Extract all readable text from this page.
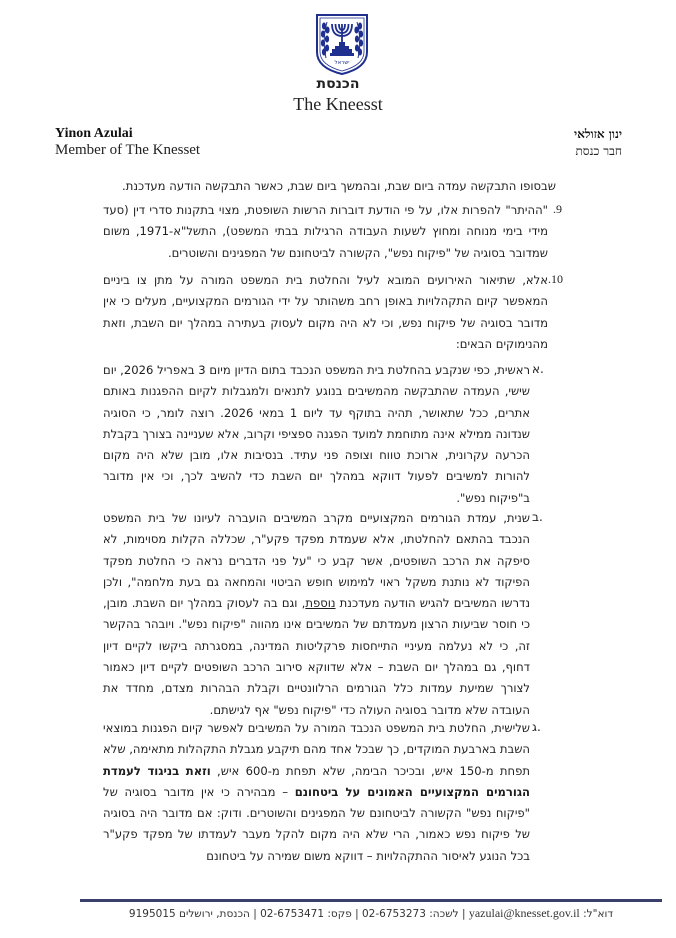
ישראל
הכנסת
The Kneesst
Yinon Azulai
Member of The Knesset
ינון אזולאי
חבר כנסת
שבסופו התבקשה עמדה ביום שבת, ובהמשך ביום שבת, כאשר התבקשה הודעה מעדכנת.
.9
"ההיתר" להפרות אלו, על פי הודעת דוברות הרשות השופטת, מצוי בתקנות סדרי דין (סעד מידי בימי מנוחה ומחוץ לשעות העבודה הרגילות בבתי המשפט), התשל"א-1971, משום שמדובר בסוגיה של "פיקוח נפש", הקשורה לביטחונם של המפגינים והשוטרים.
.10
אלא, שתיאור האירועים המובא לעיל והחלטת בית המשפט המורה על מתן צו ביניים המאפשר קיום התקהלויות באופן רחב משהותר על ידי הגורמים המקצועיים, מעלים כי אין מדובר בסוגיה של פיקוח נפש, וכי לא היה מקום לעסוק בעתירה במהלך יום השבת, וזאת מהנימוקים הבאים:
א.
ראשית, כפי שנקבע בהחלטת בית המשפט הנכבד בתום הדיון מיום 3 באפריל 2026, יום שישי, העמדה שהתבקשה מהמשיבים בנוגע לתנאים ולמגבלות לקיום ההפגנות באותם אתרים, ככל שתאושר, תהיה בתוקף עד ליום 1 במאי 2026. רוצה לומר, כי הסוגיה שנדונה ממילא אינה מתוחמת למועד הפגנה ספציפי וקרוב, אלא שעניינה בצורך בקבלת הכרעה עקרונית, ארוכת טווח וצופה פני עתיד. בנסיבות אלו, מובן שלא היה מקום להורות למשיבים לפעול דווקא במהלך יום השבת כדי להשיב לכך, וכי אין מדובר ב"פיקוח נפש".
ב.
שנית, עמדת הגורמים המקצועיים מקרב המשיבים הועברה לעיונו של בית המשפט הנכבד בהתאם להחלטתו, אלא שעמדת מפקד פקע"ר, שכללה הקלות מסוימות, לא סיפקה את הרכב השופטים, אשר קבע כי "על פני הדברים נראה כי החלטת מפקד הפיקוד לא נותנת משקל ראוי למימוש חופש הביטוי והמחאה גם בעת מלחמה", ולכן נדרשו המשיבים להגיש הודעה מעדכנת נוספת, וגם בה לעסוק במהלך יום השבת. מובן, כי חוסר שביעות הרצון מעמדתם של המשיבים אינו מהווה "פיקוח נפש". ויובהר בהקשר זה, כי לא נעלמה מעיניי התייחסות פרקליטות המדינה, במסגרתה ביקשו לקיים דיון דחוף, גם במהלך יום השבת – אלא שדווקא סירוב הרכב השופטים לקיים דיון כאמור לצורך שמיעת עמדות כלל הגורמים הרלוונטיים וקבלת הבהרות מצדם, מחדד את העובדה שלא מדובר בסוגיה העולה כדי "פיקוח נפש" אף לגישתם.
ג.
שלישית, החלטת בית המשפט הנכבד המורה על המשיבים לאפשר קיום הפגנות במוצאי השבת בארבעת המוקדים, כך שבכל אחד מהם תיקבע מגבלת התקהלות מתאימה, שלא תפחת מ-150 איש, ובכיכר הבימה, שלא תפחת מ-600 איש, וזאת בניגוד לעמדת הגורמים המקצועיים האמונים על ביטחונם – מבהירה כי אין מדובר בסוגיה של "פיקוח נפש" הקשורה לביטחונם של המפגינים והשוטרים. ודוק: אם מדובר היה בסוגיה של פיקוח נפש כאמור, הרי שלא היה מקום להקל מעבר לעמדתו של מפקד פקע"ר בכל הנוגע לאיסור ההתקהלויות – דווקא משום שמירה על ביטחונם
דוא"ל: yazulai@knesset.gov.il | לשכה: 02-6753273 | פקס: 02-6753471 | הכנסת, ירושלים 9195015
